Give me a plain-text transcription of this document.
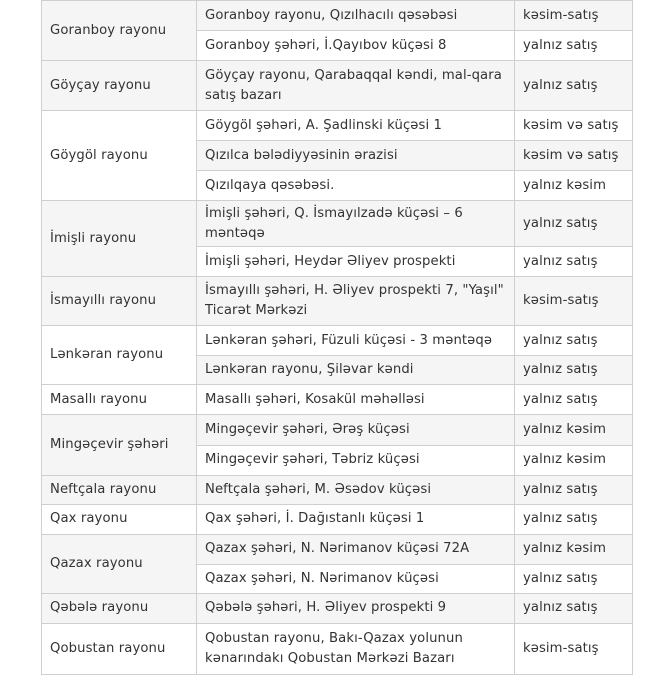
Goranboy rayonu	Goranboy rayonu, Qızılhacılı qəsəbəsi	kəsim-satış
	Goranboy şəhəri, İ.Qayıbov küçəsi 8	yalnız satış
Göyçay rayonu	Göyçay rayonu, Qarabaqqal kəndi, mal-qara satış bazarı	yalnız satış
Göygöl rayonu	Göygöl şəhəri, A. Şadlinski küçəsi 1	kəsim və satış
	Qızılca bələdiyyəsinin ərazisi	kəsim və satış
	Qızılqaya qəsəbəsi.	yalnız kəsim
İmişli rayonu	İmişli şəhəri, Q. İsmayılzadə küçəsi – 6 məntəqə	yalnız satış
	İmişli şəhəri, Heydər Əliyev prospekti	yalnız satış
İsmayıllı rayonu	İsmayıllı şəhəri, H. Əliyev prospekti 7, "Yaşıl" Ticarət Mərkəzi	kəsim-satış
Lənkəran rayonu	Lənkəran şəhəri, Füzuli küçəsi - 3 məntəqə	yalnız satış
	Lənkəran rayonu, Şiləvar kəndi	yalnız satış
Masallı rayonu	Masallı şəhəri, Kosakül məhəlləsi	yalnız satış
Mingəçevir şəhəri	Mingəçevir şəhəri, Ərəş küçəsi	yalnız kəsim
	Mingəçevir şəhəri, Təbriz küçəsi	yalnız kəsim
Neftçala rayonu	Neftçala şəhəri, M. Əsədov küçəsi	yalnız satış
Qax rayonu	Qax şəhəri, İ. Dağıstanlı küçəsi 1	yalnız satış
Qazax rayonu	Qazax şəhəri, N. Nərimanov küçəsi 72A	yalnız kəsim
	Qazax şəhəri, N. Nərimanov küçəsi	yalnız satış
Qəbələ rayonu	Qəbələ şəhəri, H. Əliyev prospekti 9	yalnız satış
Qobustan rayonu	Qobustan rayonu, Bakı-Qazax yolunun kənarındakı Qobustan Mərkəzi Bazarı	kəsim-satış
